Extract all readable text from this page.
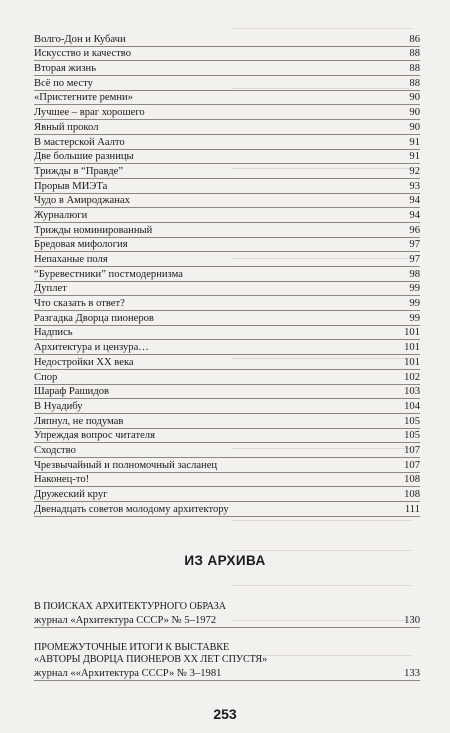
Волго-Дон и Кубачи	86
Искусство и качество	88
Вторая жизнь	88
Всё по месту	88
«Пристегните ремни»	90
Лучшее – враг хорошего	90
Явный прокол	90
В мастерской Аалто	91
Две большие разницы	91
Трижды в “Правде”	92
Прорыв МИЭТа	93
Чудо в Амироджанах	94
Журналюги	94
Трижды номинированный	96
Бредовая мифология	97
Непаханые поля	97
“Буревестники” постмодернизма	98
Дуплет	99
Что сказать в ответ?	99
Разгадка Дворца пионеров	99
Надпись	101
Архитектура и цензура…	101
Недостройки XX века	101
Спор	102
Шараф Рашидов	103
В Нуадибу	104
Ляпнул, не подумав	105
Упреждая вопрос читателя	105
Сходство	107
Чрезвычайный и полномочный засланец	107
Наконец-то!	108
Дружеский круг	108
Двенадцать советов молодому архитектору	111
ИЗ АРХИВА
В ПОИСКАХ АРХИТЕКТУРНОГО ОБРАЗА
журнал «Архитектура СССР» № 5–1972	130
ПРОМЕЖУТОЧНЫЕ ИТОГИ К ВЫСТАВКЕ
«АВТОРЫ ДВОРЦА ПИОНЕРОВ XX ЛЕТ СПУСТЯ»
журнал ««Архитектура СССР» № 3–1981	133
253
